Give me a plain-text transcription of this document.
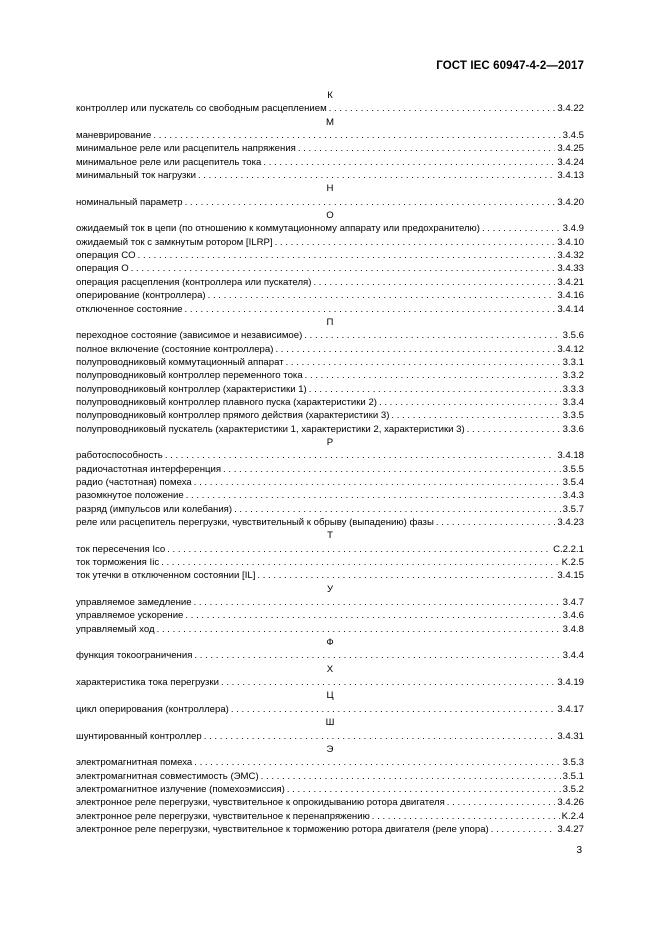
ГОСТ IEC 60947-4-2—2017
К
контроллер или пускатель со свободным расцеплением . . .	3.4.22
М
маневрирование . . .	3.4.5
минимальное реле или расцепитель напряжения . . .	3.4.25
минимальное реле или расцепитель тока . . .	3.4.24
минимальный ток нагрузки . . .	3.4.13
Н
номинальный параметр . . .	3.4.20
О
ожидаемый ток в цепи (по отношению к коммутационному аппарату или предохранителю) . . .	3.4.9
ожидаемый ток с замкнутым ротором [ILRP] . . .	3.4.10
операция CO . . .	3.4.32
операция O . . .	3.4.33
операция расцепления (контроллера или пускателя) . . .	3.4.21
оперирование (контроллера) . . .	3.4.16
отключенное состояние . . .	3.4.14
П
переходное состояние (зависимое и независимое) . . .	3.5.6
полное включение (состояние контроллера) . . .	3.4.12
полупроводниковый коммутационный аппарат . . .	3.3.1
полупроводниковый контроллер переменного тока . . .	3.3.2
полупроводниковый контроллер (характеристики 1) . . .	3.3.3
полупроводниковый контроллер плавного пуска (характеристики 2) . . .	3.3.4
полупроводниковый контроллер прямого действия (характеристики 3) . . .	3.3.5
полупроводниковый пускатель (характеристики 1, характеристики 2, характеристики 3) . . .	3.3.6
Р
работоспособность . . .	3.4.18
радиочастотная интерференция . . .	3.5.5
радио (частотная) помеха . . .	3.5.4
разомкнутое положение . . .	3.4.3
разряд (импульсов или колебания) . . .	3.5.7
реле или расцепитель перегрузки, чувствительный к обрыву (выпадению) фазы . . .	3.4.23
Т
ток пересечения Ico . . .	C.2.2.1
ток торможения Iic . . .	K.2.5
ток утечки в отключенном состоянии [IL] . . .	3.4.15
У
управляемое замедление . . .	3.4.7
управляемое ускорение . . .	3.4.6
управляемый ход . . .	3.4.8
Ф
функция токоограничения . . .	3.4.4
Х
характеристика тока перегрузки . . .	3.4.19
Ц
цикл оперирования (контроллера) . . .	3.4.17
Ш
шунтированный контроллер . . .	3.4.31
Э
электромагнитная помеха . . .	3.5.3
электромагнитная совместимость (ЭМС) . . .	3.5.1
электромагнитное излучение (помехоэмиссия) . . .	3.5.2
электронное реле перегрузки, чувствительное к опрокидыванию ротора двигателя . . .	3.4.26
электронное реле перегрузки, чувствительное к перенапряжению . . .	K.2.4
электронное реле перегрузки, чувствительное к торможению ротора двигателя (реле упора) . . .	3.4.27
3
